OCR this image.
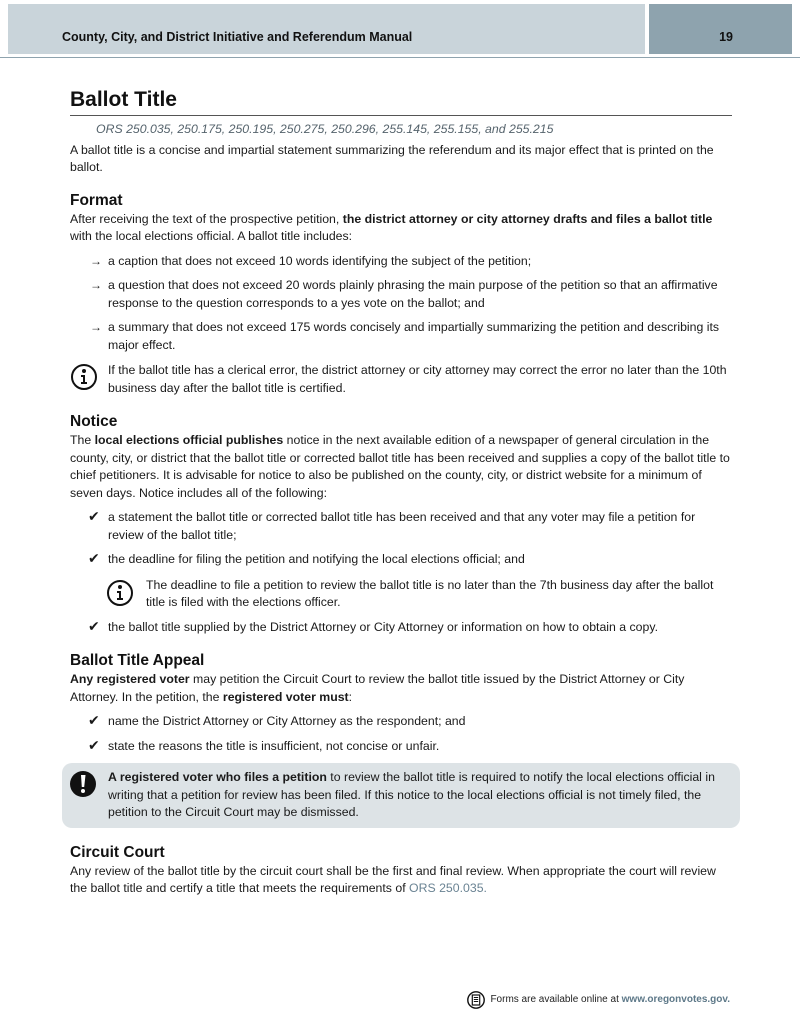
County, City, and District Initiative and Referendum Manual	19
Ballot Title
ORS 250.035, 250.175, 250.195, 250.275, 250.296, 255.145, 255.155, and 255.215

A ballot title is a concise and impartial statement summarizing the referendum and its major effect that is printed on the ballot.

Format

After receiving the text of the prospective petition, the district attorney or city attorney drafts and files a ballot title with the local elections official. A ballot title includes:

→ a caption that does not exceed 10 words identifying the subject of the petition;
→ a question that does not exceed 20 words plainly phrasing the main purpose of the petition so that an affirmative response to the question corresponds to a yes vote on the ballot; and
→ a summary that does not exceed 175 words concisely and impartially summarizing the petition and describing its major effect.
If the ballot title has a clerical error, the district attorney or city attorney may correct the error no later than the 10th business day after the ballot title is certified.
Notice

The local elections official publishes notice in the next available edition of a newspaper of general circulation in the county, city, or district that the ballot title or corrected ballot title has been received and supplies a copy of the ballot title to chief petitioners. It is advisable for notice to also be published on the county, city, or district website for a minimum of seven days. Notice includes all of the following:

✔ a statement the ballot title or corrected ballot title has been received and that any voter may file a petition for review of the ballot title;
✔ the deadline for filing the petition and notifying the local elections official; and
The deadline to file a petition to review the ballot title is no later than the 7th business day after the ballot title is filed with the elections officer.
✔ the ballot title supplied by the District Attorney or City Attorney or information on how to obtain a copy.
Ballot Title Appeal

Any registered voter may petition the Circuit Court to review the ballot title issued by the District Attorney or City Attorney. In the petition, the registered voter must:

✔ name the District Attorney or City Attorney as the respondent; and
✔ state the reasons the title is insufficient, not concise or unfair.
A registered voter who files a petition to review the ballot title is required to notify the local elections official in writing that a petition for review has been filed. If this notice to the local elections official is not timely filed, the petition to the Circuit Court may be dismissed.
Circuit Court

Any review of the ballot title by the circuit court shall be the first and final review. When appropriate the court will review the ballot title and certify a title that meets the requirements of ORS 250.035.

Forms are available online at www.oregonvotes.gov.
